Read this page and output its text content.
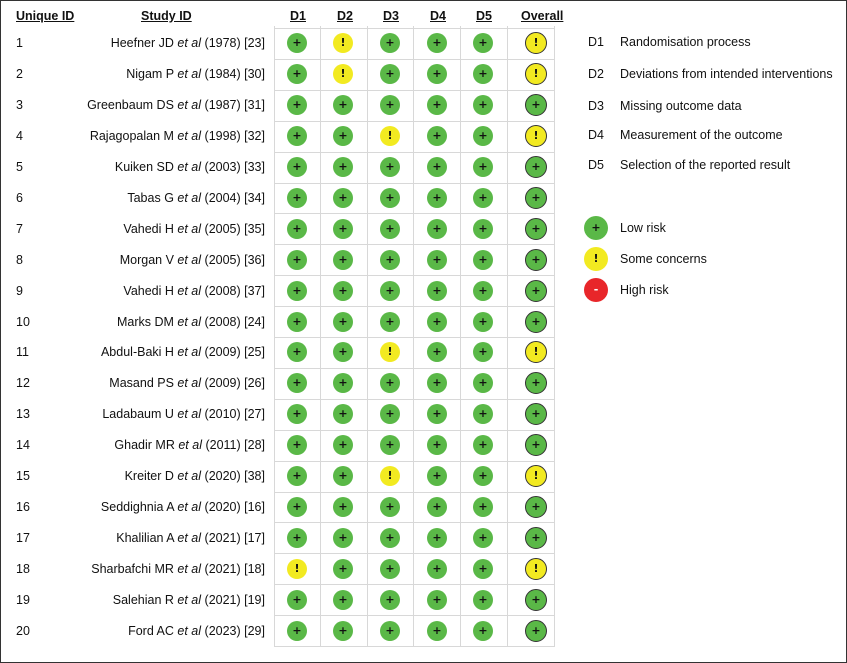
Unique ID	Study ID	D1 D2 D3 D4 D5 Overall
1	Heefner JD et al (1978) [23]	+	!	+	+	+	!
2	Nigam P et al (1984) [30]	+	!	+	+	+	!
3	Greenbaum DS et al (1987) [31]	+	+	+	+	+	+
4	Rajagopalan M et al (1998) [32]	+	+	!	+	+	!
5	Kuiken SD et al (2003) [33]	+	+	+	+	+	+
6	Tabas G et al (2004) [34]	+	+	+	+	+	+
7	Vahedi H et al (2005) [35]	+	+	+	+	+	+
8	Morgan V et al (2005) [36]	+	+	+	+	+	+
9	Vahedi H et al (2008) [37]	+	+	+	+	+	+
10	Marks DM et al (2008) [24]	+	+	+	+	+	+
11	Abdul-Baki H et al (2009) [25]	+	+	!	+	+	!
12	Masand PS et al (2009) [26]	+	+	+	+	+	+
13	Ladabaum U et al (2010) [27]	+	+	+	+	+	+
14	Ghadir MR et al (2011) [28]	+	+	+	+	+	+
15	Kreiter D et al (2020) [38]	+	+	!	+	+	!
16	Seddighnia A et al (2020) [16]	+	+	+	+	+	+
17	Khalilian A et al (2021) [17]	+	+	+	+	+	+
18	Sharbafchi MR et al (2021) [18]	!	+	+	+	+	!
19	Salehian R et al (2021) [19]	+	+	+	+	+	+
20	Ford AC et al (2023) [29]	+	+	+	+	+	+
D1 Randomisation process
D2 Deviations from intended interventions
D3 Missing outcome data
D4 Measurement of the outcome
D5 Selection of the reported result
+	Low risk
!	Some concerns
-	High risk
